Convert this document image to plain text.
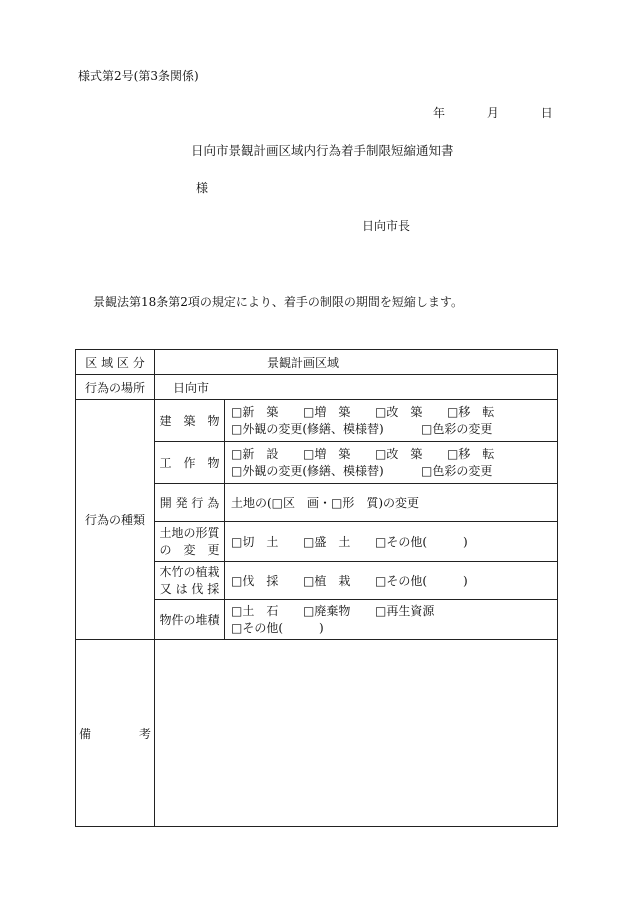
様式第2号(第3条関係)
年	月	日
日向市景観計画区域内行為着手制限短縮通知書
様
日向市長
景観法第18条第2項の規定により、着手の制限の期間を短縮します。
区 域 区 分	景観計画区域	
行為の場所	日向市	
行為の種類	建　築　物	□新　築 □増　築 □改　築 □移　転
□外観の変更(修繕、模様替) □色彩の変更

	工　作　物	□新　設 □増　築 □改　築 □移　転
□外観の変更(修繕、模様替) □色彩の変更

	開 発 行 為	土地の(□区　画・□形　質)の変更

	土地の形質
の　変　更	□切　土 □盛　土 □その他(　　　)

	木竹の植栽
又 は 伐 採	□伐　採 □植　栽 □その他(　　　)
	物件の堆積	□土　石 □廃棄物 □再生資源
□その他(　　　)

備　　　　考		
